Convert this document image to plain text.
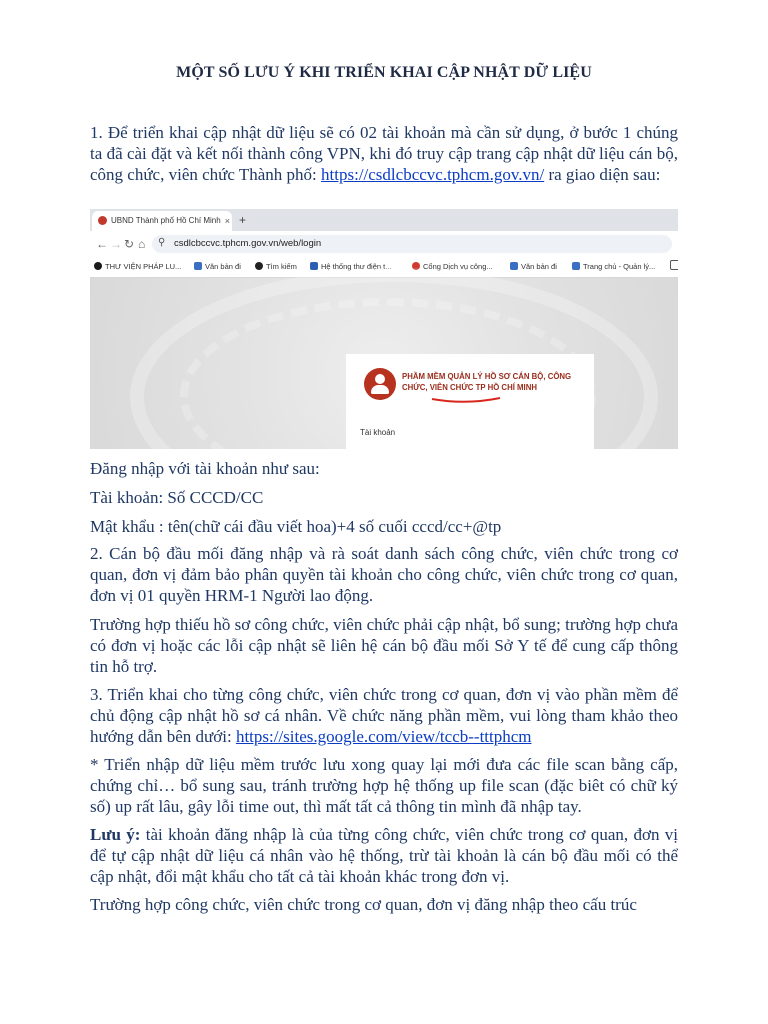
MỘT SỐ LƯU Ý KHI TRIỂN KHAI CẬP NHẬT DỮ LIỆU
1. Để triển khai cập nhật dữ liệu sẽ có 02 tài khoản mà cần sử dụng, ở bước 1 chúng ta đã cài đặt và kết nối thành công VPN, khi đó truy cập trang cập nhật dữ liệu cán bộ, công chức, viên chức Thành phố: https://csdlcbccvc.tphcm.gov.vn/ ra giao diện sau:
UBND Thành phố Hồ Chí Minh × +
← → ↻ ⌂ ⚲ csdlcbccvc.tphcm.gov.vn/web/login
THƯ VIỆN PHÁP LU...	Văn bản đi	Tìm kiếm	Hệ thống thư điện t...	Cổng Dịch vụ công...	Văn bản đi	Trang chủ - Quản lý...
PHẦM MỀM QUẢN LÝ HỒ SƠ CÁN BỘ, CÔNG CHỨC, VIÊN CHỨC TP HỒ CHÍ MINH
Tài khoản
Đăng nhập với tài khoản như sau:
Tài khoản: Số CCCD/CC
Mật khẩu : tên(chữ cái đầu viết hoa)+4 số cuối cccd/cc+@tp
2. Cán bộ đầu mối đăng nhập và rà soát danh sách công chức, viên chức trong cơ quan, đơn vị đảm bảo phân quyền tài khoản cho công chức, viên chức trong cơ quan, đơn vị 01 quyền HRM-1 Người lao động.
Trường hợp thiếu hồ sơ công chức, viên chức phải cập nhật, bổ sung; trường hợp chưa có đơn vị hoặc các lỗi cập nhật sẽ liên hệ cán bộ đầu mối Sở Y tế để cung cấp thông tin hỗ trợ.
3. Triển khai cho từng công chức, viên chức trong cơ quan, đơn vị vào phần mềm để chủ động cập nhật hồ sơ cá nhân. Về chức năng phần mềm, vui lòng tham khảo theo hướng dẫn bên dưới: https://sites.google.com/view/tccb--tttphcm
* Triển nhập dữ liệu mềm trước lưu xong quay lại mới đưa các file scan bằng cấp, chứng chỉ… bổ sung sau, tránh trường hợp hệ thống up file scan (đặc biêt có chữ ký số) up rất lâu, gây lỗi time out, thì mất tất cả thông tin mình đã nhập tay.
Lưu ý: tài khoản đăng nhập là của từng công chức, viên chức trong cơ quan, đơn vị để tự cập nhật dữ liệu cá nhân vào hệ thống, trừ tài khoản là cán bộ đầu mối có thể cập nhật, đổi mật khẩu cho tất cả tài khoản khác trong đơn vị.
Trường hợp công chức, viên chức trong cơ quan, đơn vị đăng nhập theo cấu trúc
